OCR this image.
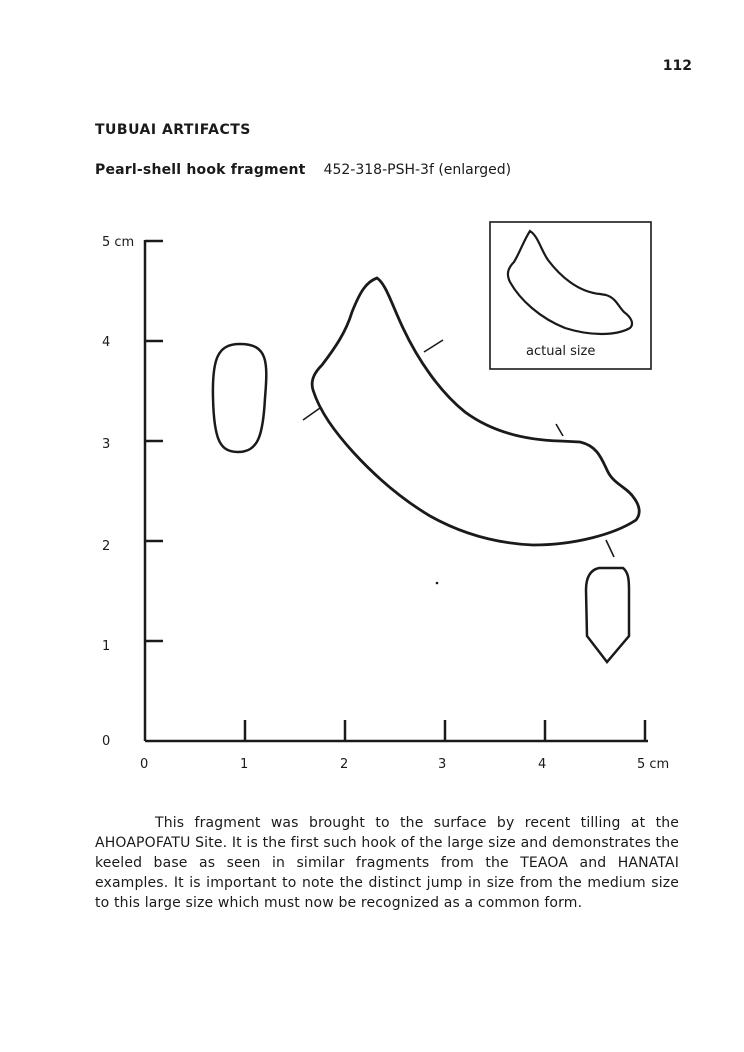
112
TUBUAI ARTIFACTS
Pearl-shell hook fragment 452-318-PSH-3f (enlarged)
5 cm
4
3
2
1
0
0	1	2	3	4	5 cm
actual size

This fragment was brought to the surface by recent tilling at the AHOAPOFATU Site. It is the first such hook of the large size and demonstrates the keeled base as seen in similar fragments from the TEAOA and HANATAI examples. It is important to note the distinct jump in size from the medium size to this large size which must now be recognized as a common form.
